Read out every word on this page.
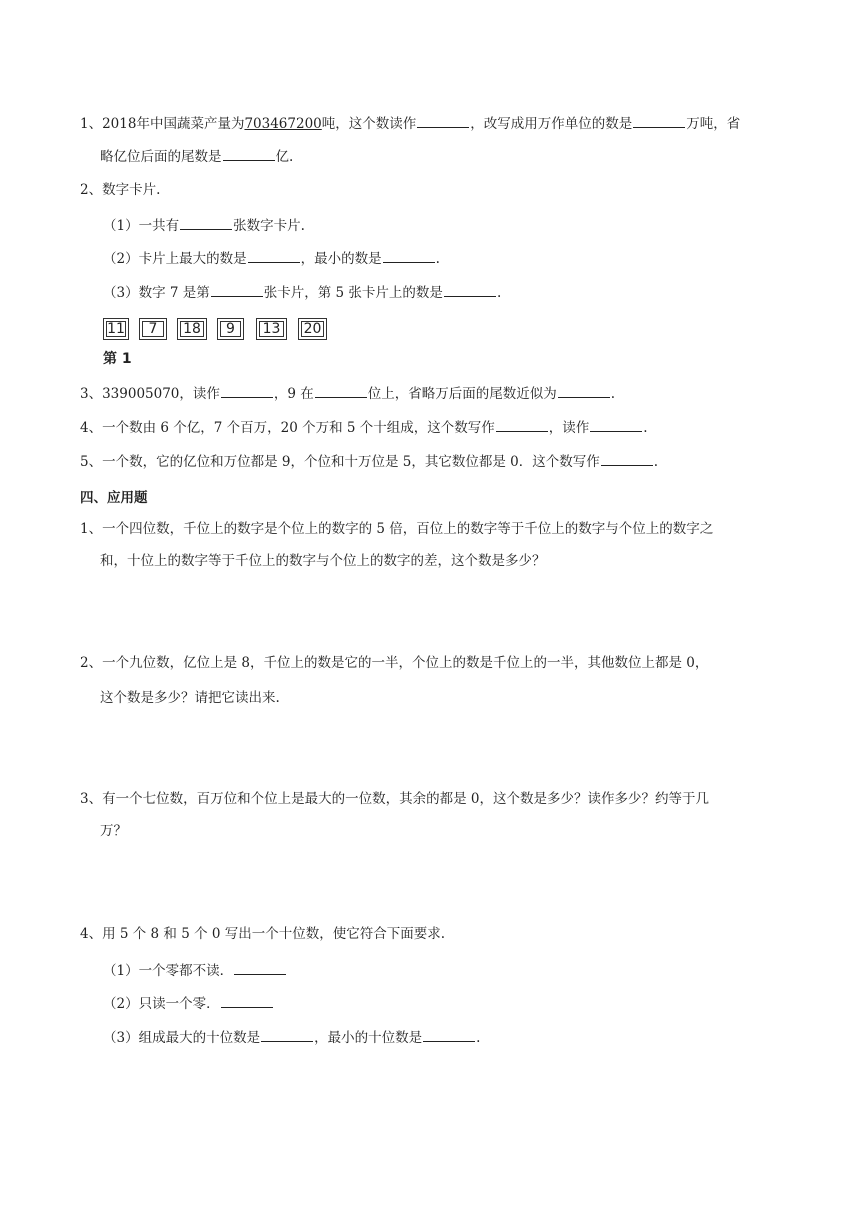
1、2018年中国蔬菜产量为703467200吨，这个数读作	，改写成用万作单位的数是	万吨，省
略亿位后面的尾数是	亿.
2、数字卡片.
（1）一共有	张数字卡片.
（2）卡片上最大的数是	，最小的数是	.
（3）数字 7 是第	张卡片，第 5 张卡片上的数是	.
11	7	18	9	13	20
第 1
3、339005070，读作	，9 在	位上，省略万后面的尾数近似为	.
4、一个数由 6 个亿，7 个百万，20 个万和 5 个十组成，这个数写作	，读作	.
5、一个数，它的亿位和万位都是 9，个位和十万位是 5，其它数位都是 0．这个数写作	.
四、应用题
1、一个四位数，千位上的数字是个位上的数字的 5 倍，百位上的数字等于千位上的数字与个位上的数字之
和，十位上的数字等于千位上的数字与个位上的数字的差，这个数是多少？
2、一个九位数，亿位上是 8，千位上的数是它的一半，个位上的数是千位上的一半，其他数位上都是 0，
这个数是多少？请把它读出来.
3、有一个七位数，百万位和个位上是最大的一位数，其余的都是 0，这个数是多少？读作多少？约等于几
万？
4、用 5 个 8 和 5 个 0 写出一个十位数，使它符合下面要求.
（1）一个零都不读．
（2）只读一个零．
（3）组成最大的十位数是	，最小的十位数是	.
